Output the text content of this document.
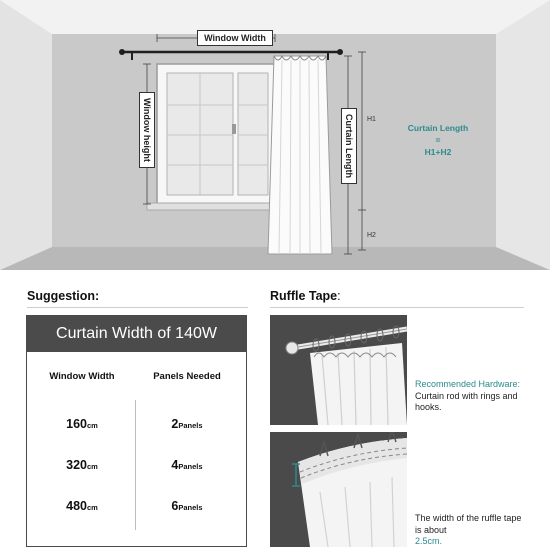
Window Width
Window height	Curtain Length	H1
H2
Curtain Length
=
H1+H2
Suggestion:
Curtain Width of 140W
Window Width	Panels Needed
160cm	2Panels
320cm	4Panels
480cm	6Panels
Ruffle Tape:
Recommended Hardware:
Curtain rod with rings and hooks.
The width of the ruffle tape is about
2.5cm.
